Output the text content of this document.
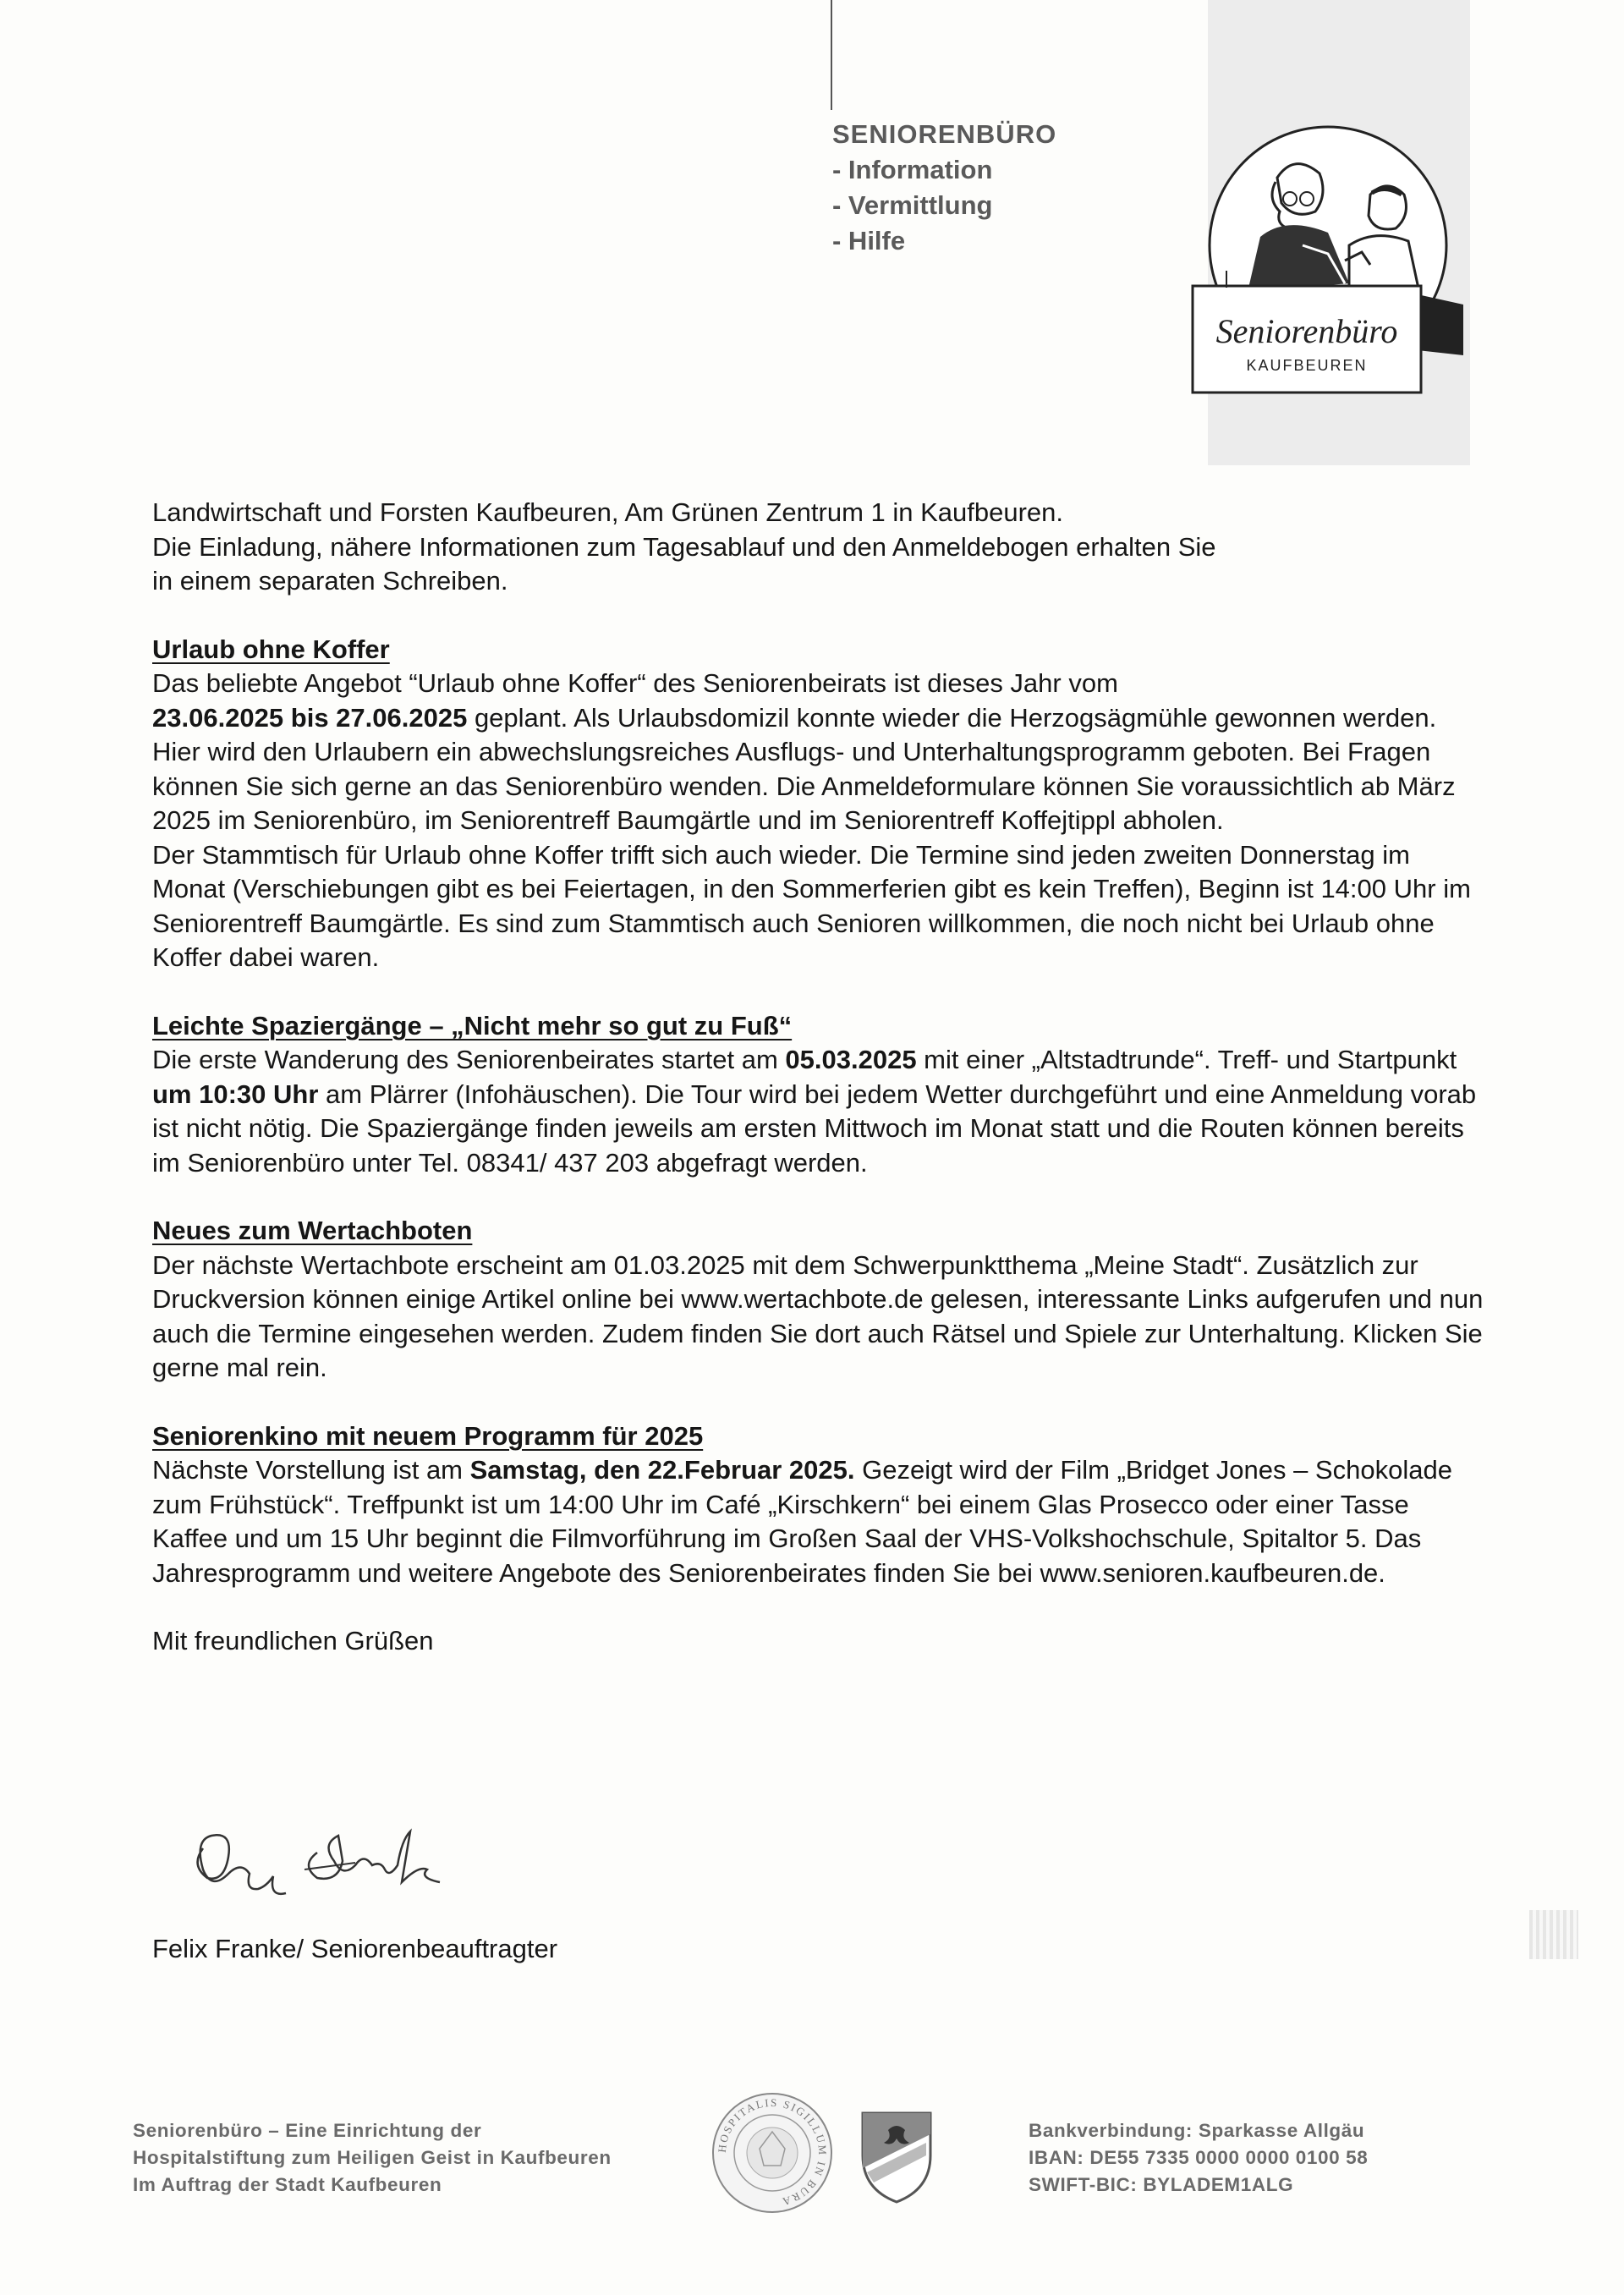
SENIORENBÜRO
- Information
- Vermittlung
- Hilfe
Seniorenbüro
KAUFBEUREN

Landwirtschaft und Forsten Kaufbeuren, Am Grünen Zentrum 1 in Kaufbeuren.

Die Einladung, nähere Informationen zum Tagesablauf und den Anmeldebogen erhalten Sie

in einem separaten Schreiben.

Urlaub ohne Koffer

Das beliebte Angebot “Urlaub ohne Koffer“ des Seniorenbeirats ist dieses Jahr vom
23.06.2025 bis 27.06.2025 geplant. Als Urlaubsdomizil konnte wieder die Herzogsägmühle gewonnen werden. Hier wird den Urlaubern ein abwechslungsreiches Ausflugs- und Unterhaltungsprogramm geboten. Bei Fragen können Sie sich gerne an das Seniorenbüro wenden. Die Anmeldeformulare können Sie voraussichtlich ab März 2025 im Seniorenbüro, im Seniorentreff Baumgärtle und im Seniorentreff Koffejtippl abholen.

Der Stammtisch für Urlaub ohne Koffer trifft sich auch wieder. Die Termine sind jeden zweiten Donnerstag im Monat (Verschiebungen gibt es bei Feiertagen, in den Sommerferien gibt es kein Treffen), Beginn ist 14:00 Uhr im Seniorentreff Baumgärtle. Es sind zum Stammtisch auch Senioren willkommen, die noch nicht bei Urlaub ohne Koffer dabei waren.

Leichte Spaziergänge – „Nicht mehr so gut zu Fuß“

Die erste Wanderung des Seniorenbeirates startet am 05.03.2025 mit einer „Altstadtrunde“. Treff- und Startpunkt um 10:30 Uhr am Plärrer (Infohäuschen). Die Tour wird bei jedem Wetter durchgeführt und eine Anmeldung vorab ist nicht nötig. Die Spaziergänge finden jeweils am ersten Mittwoch im Monat statt und die Routen können bereits im Seniorenbüro unter Tel. 08341/ 437 203 abgefragt werden.

Neues zum Wertachboten

Der nächste Wertachbote erscheint am 01.03.2025 mit dem Schwerpunktthema „Meine Stadt“. Zusätzlich zur Druckversion können einige Artikel online bei www.wertachbote.de gelesen, interessante Links aufgerufen und nun auch die Termine eingesehen werden. Zudem finden Sie dort auch Rätsel und Spiele zur Unterhaltung. Klicken Sie gerne mal rein.

Seniorenkino mit neuem Programm für 2025

Nächste Vorstellung ist am Samstag, den 22.Februar 2025. Gezeigt wird der Film „Bridget Jones – Schokolade zum Frühstück“. Treffpunkt ist um 14:00 Uhr im Café „Kirschkern“ bei einem Glas Prosecco oder einer Tasse Kaffee und um 15 Uhr beginnt die Filmvorführung im Großen Saal der VHS-Volkshochschule, Spitaltor 5. Das Jahresprogramm und weitere Angebote des Seniorenbeirates finden Sie bei www.senioren.kaufbeuren.de.

Mit freundlichen Grüßen

Felix Franke/ Seniorenbeauftragter
Seniorenbüro – Eine Einrichtung der
Hospitalstiftung zum Heiligen Geist in Kaufbeuren
Im Auftrag der Stadt Kaufbeuren
HOSPITALIS SIGILLUM IN BURA
Bankverbindung: Sparkasse Allgäu
IBAN: DE55 7335 0000 0000 0100 58
SWIFT-BIC: BYLADEM1ALG
